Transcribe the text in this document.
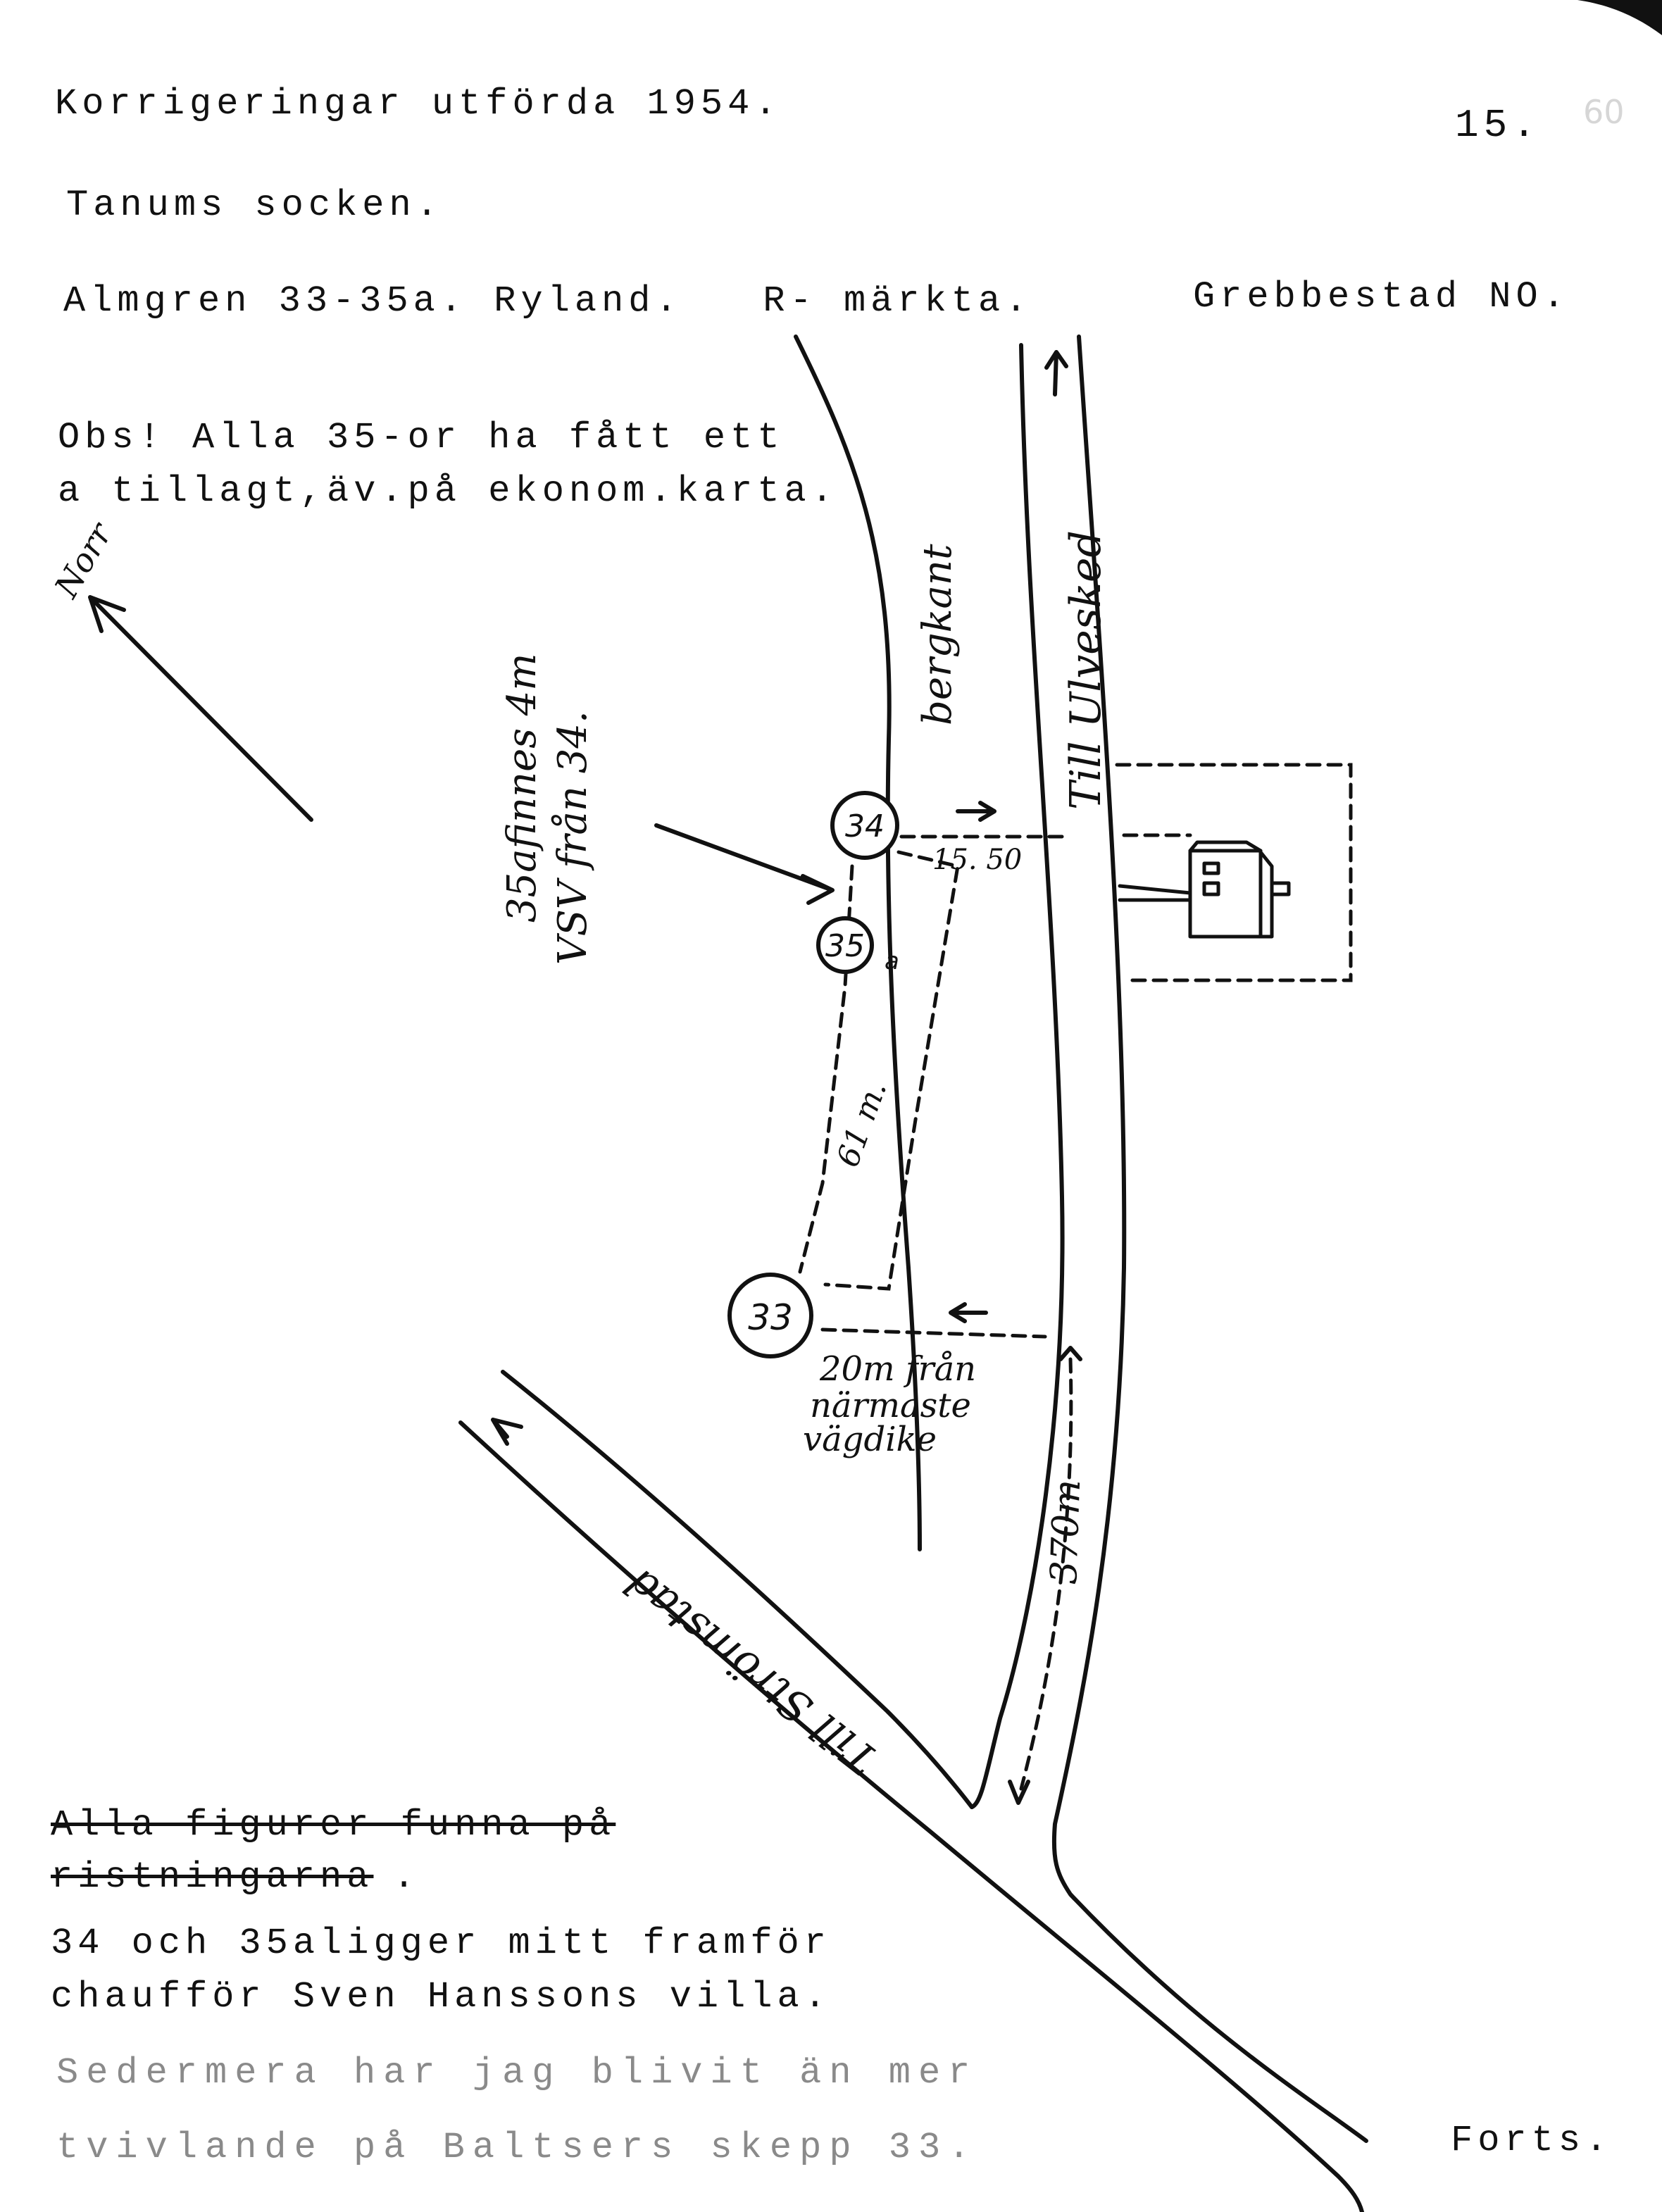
Korrigeringar utförda 1954.	15. 60
Tanums socken.
Almgren 33-35a. Ryland.   R- märkta.	Grebbestad NO.
Obs! Alla 35-or ha fått ett
a tillagt,äv.på ekonom.karta.
34
35 a
33
Norr	bergkant Till Ulvesked
35afinnes 4m VSV från 34.	15. 50
61 m.
20m från
närmaste
vägdike
370m
Till Strömstad
Alla figurer funna på
ristningarna .
34 och 35aligger mitt framför
chaufför Sven Hanssons villa.
Sedermera har jag blivit än mer
tvivlande på Baltsers skepp 33.	Forts.
